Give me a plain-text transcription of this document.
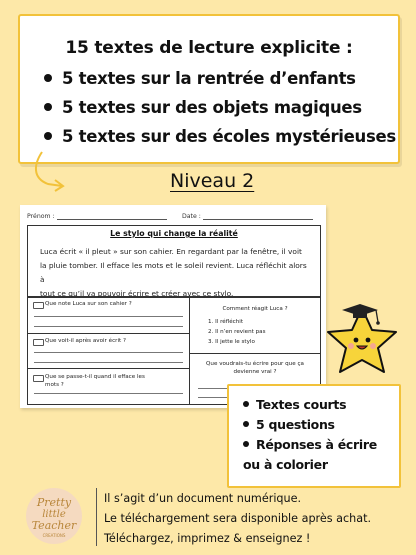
15 textes de lecture explicite :
5 textes sur la rentrée d’enfants
5 textes sur des objets magiques
5 textes sur des écoles mystérieuses
Niveau 2
Prénom :	Date :
Le stylo qui change la réalité
Luca écrit « il pleut » sur son cahier. En regardant par la fenêtre, il voit
la pluie tomber. Il efface les mots et le soleil revient. Luca réfléchit alors à
tout ce qu’il va pouvoir écrire et créer avec ce stylo.
Que note Luca sur son cahier ?
Que voit-il après avoir écrit ?
Que se passe-t-il quand il efface les mots ?
Comment réagit Luca ?
1. Il réfléchit
2. Il n’en revient pas
3. Il jette le stylo
Que voudrais-tu écrire pour que ça devienne vrai ?
Textes courts
5 questions
Réponses à écrire ou à colorier
Pretty
little
Teacher
CREATIONS
Il s’agit d’un document numérique.
Le téléchargement sera disponible après achat.
Téléchargez, imprimez & enseignez !
